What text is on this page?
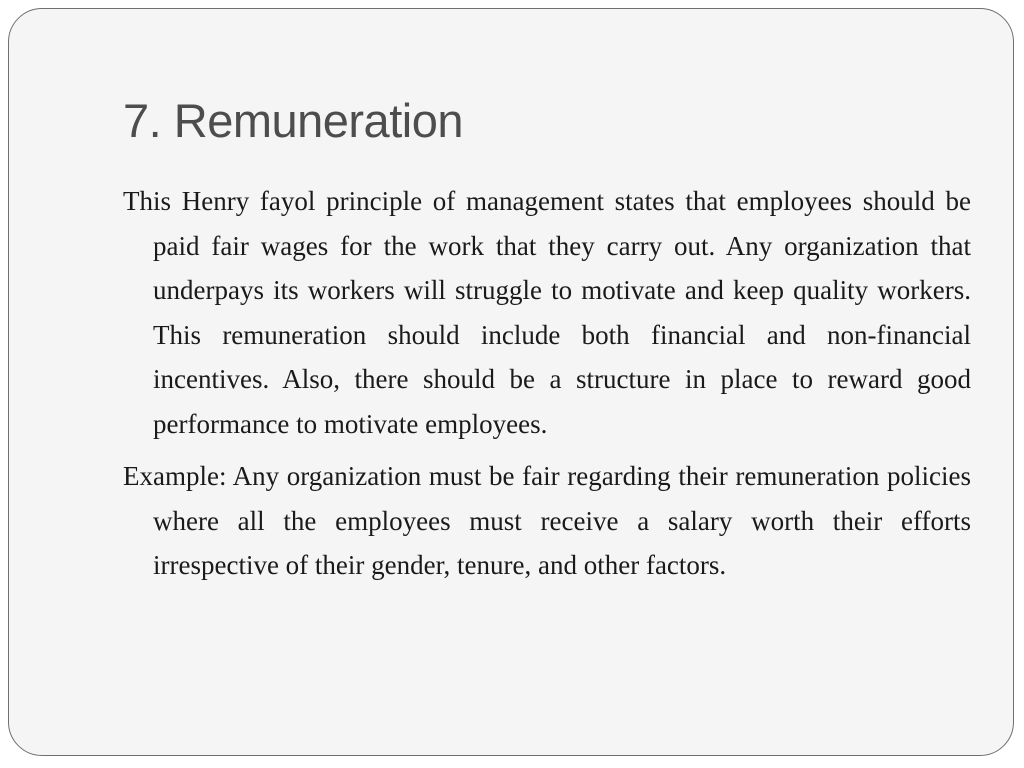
7. Remuneration

This Henry fayol principle of management states that employees should be paid fair wages for the work that they carry out. Any organization that underpays its workers will struggle to motivate and keep quality workers. This remuneration should include both financial and non-financial incentives. Also, there should be a structure in place to reward good performance to motivate employees.

Example: Any organization must be fair regarding their remuneration policies where all the employees must receive a salary worth their efforts irrespective of their gender, tenure, and other factors.
